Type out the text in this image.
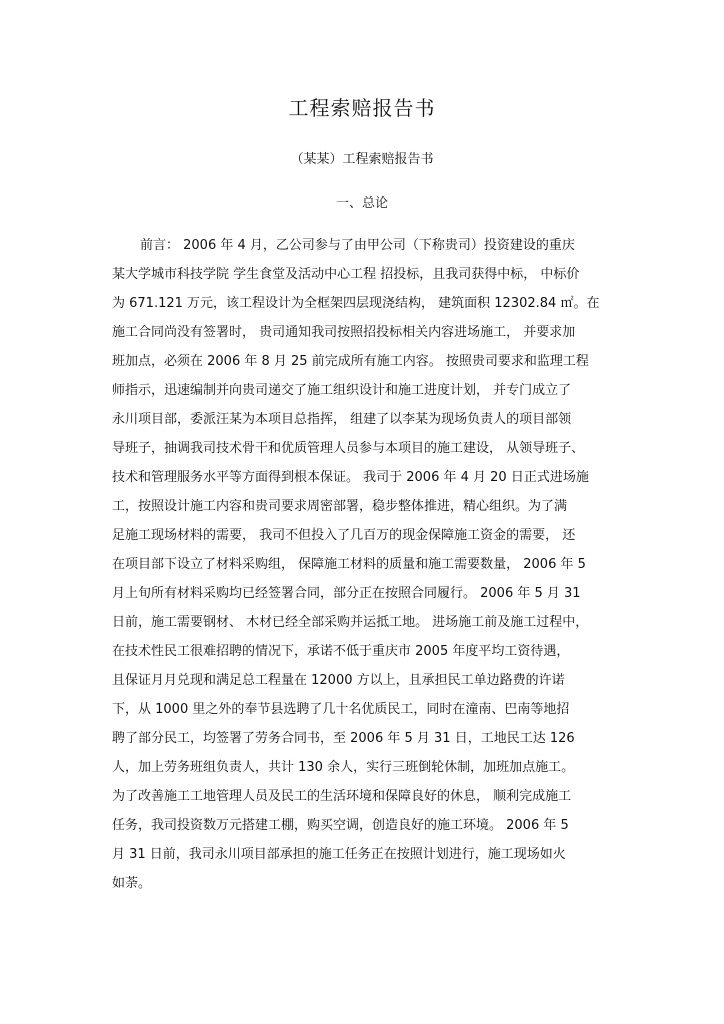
工程索赔报告书
（某某）工程索赔报告书
一、总论
前言： 2006 年 4 月，乙公司参与了由甲公司（下称贵司）投资建设的重庆
某大学城市科技学院 学生食堂及活动中心工程 招投标，且我司获得中标， 中标价
为 671.121 万元，该工程设计为全框架四层现浇结构， 建筑面积 12302.84 ㎡。在
施工合同尚没有签署时， 贵司通知我司按照招投标相关内容进场施工， 并要求加
班加点，必须在 2006 年 8 月 25 前完成所有施工内容。 按照贵司要求和监理工程
师指示，迅速编制并向贵司递交了施工组织设计和施工进度计划， 并专门成立了
永川项目部，委派汪某为本项目总指挥， 组建了以李某为现场负责人的项目部领
导班子，抽调我司技术骨干和优质管理人员参与本项目的施工建设， 从领导班子、
技术和管理服务水平等方面得到根本保证。 我司于 2006 年 4 月 20 日正式进场施
工，按照设计施工内容和贵司要求周密部署，稳步整体推进，精心组织。为了满
足施工现场材料的需要， 我司不但投入了几百万的现金保障施工资金的需要， 还
在项目部下设立了材料采购组， 保障施工材料的质量和施工需要数量， 2006 年 5
月上旬所有材料采购均已经签署合同，部分正在按照合同履行。 2006 年 5 月 31
日前，施工需要钢材、 木材已经全部采购并运抵工地。 进场施工前及施工过程中，
在技术性民工很难招聘的情况下，承诺不低于重庆市 2005 年度平均工资待遇，
且保证月月兑现和满足总工程量在 12000 方以上，且承担民工单边路费的许诺
下，从 1000 里之外的奉节县选聘了几十名优质民工，同时在潼南、巴南等地招
聘了部分民工，均签署了劳务合同书，至 2006 年 5 月 31 日，工地民工达 126
人，加上劳务班组负责人，共计 130 余人，实行三班倒轮休制，加班加点施工。
为了改善施工工地管理人员及民工的生活环境和保障良好的休息， 顺利完成施工
任务，我司投资数万元搭建工棚，购买空调，创造良好的施工环境。 2006 年 5
月 31 日前，我司永川项目部承担的施工任务正在按照计划进行，施工现场如火
如荼。
